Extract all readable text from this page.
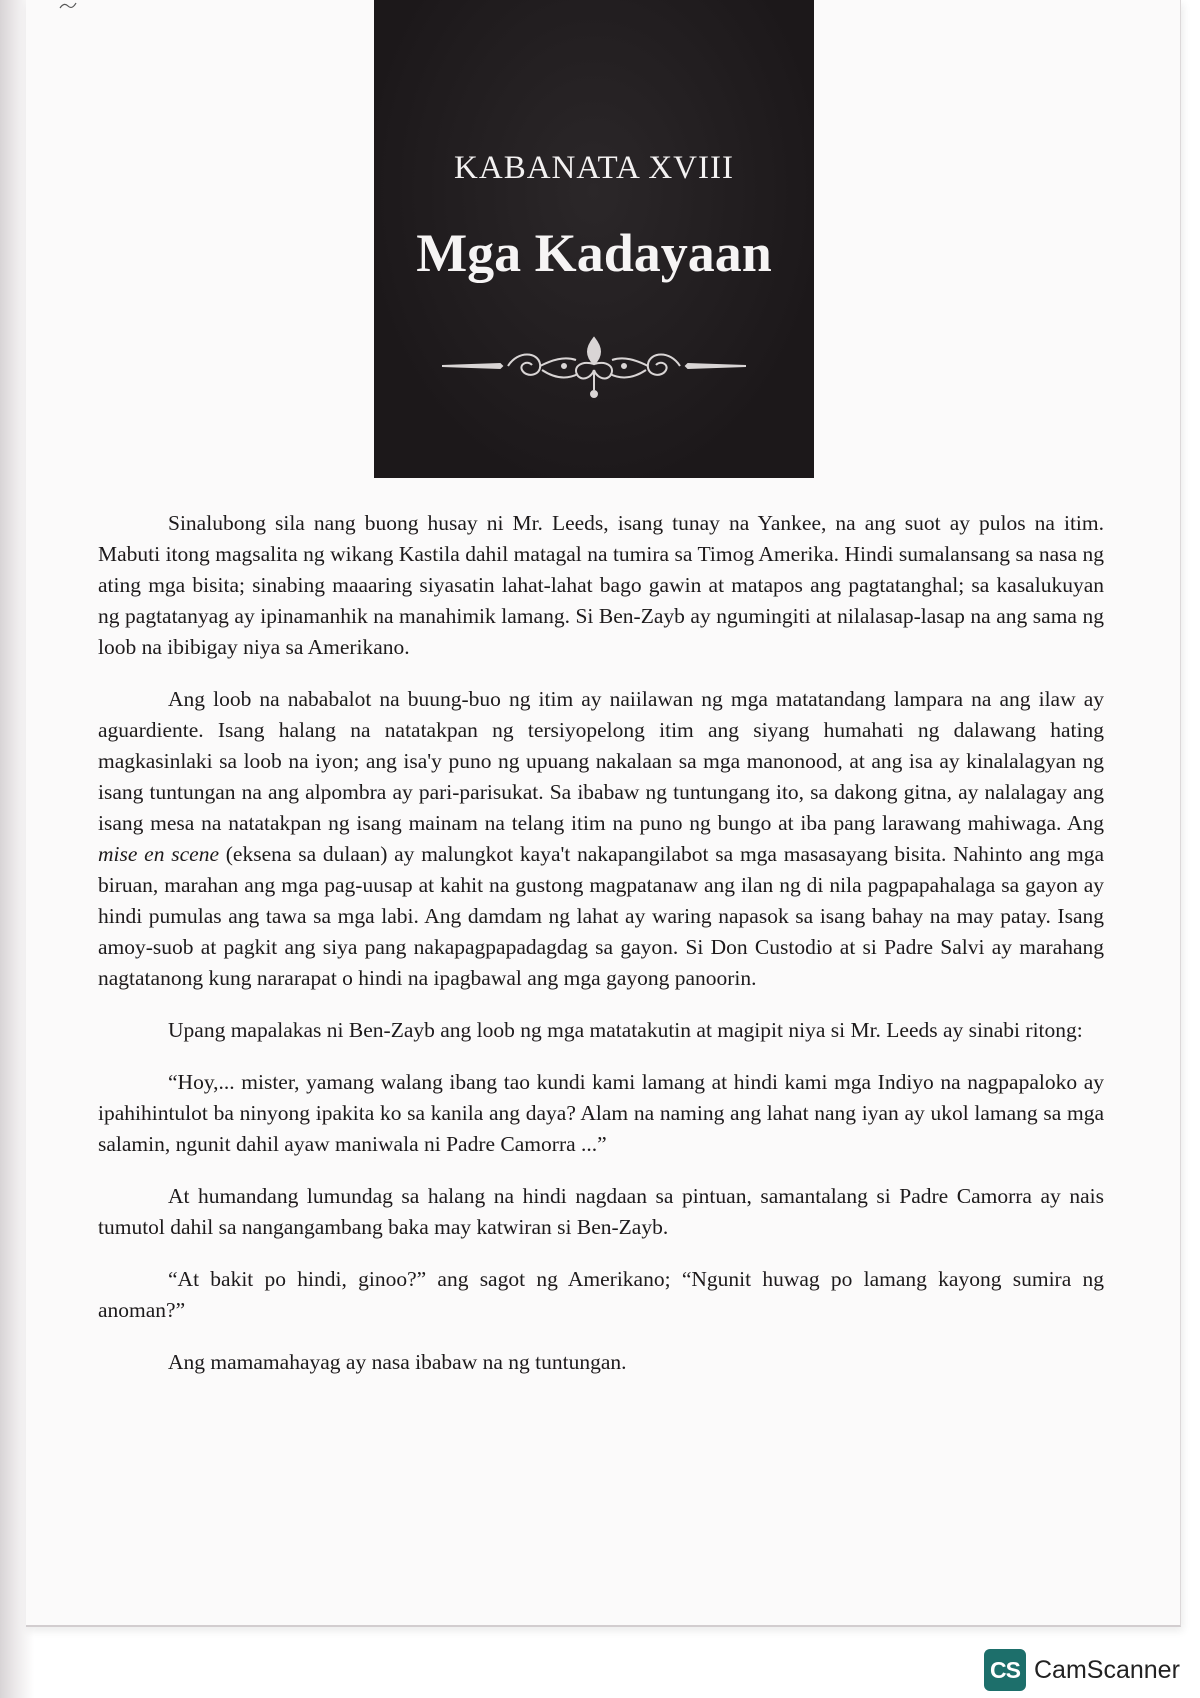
KABANATA XVIII
Mga Kadayaan

Sinalubong sila nang buong husay ni Mr. Leeds, isang tunay na Yankee, na ang suot ay pulos na itim. Mabuti itong magsalita ng wikang Kastila dahil matagal na tumira sa Timog Amerika. Hindi sumalansang sa nasa ng ating mga bisita; sinabing maaaring siyasatin lahat-lahat bago gawin at matapos ang pagtatanghal; sa kasalukuyan ng pagtatanyag ay ipinamanhik na manahimik lamang. Si Ben-Zayb ay ngumingiti at nilalasap-lasap na ang sama ng loob na ibibigay niya sa Amerikano.

Ang loob na nababalot na buung-buo ng itim ay naiilawan ng mga matatandang lampara na ang ilaw ay aguardiente. Isang halang na natatakpan ng tersiyopelong itim ang siyang humahati ng dalawang hating magkasinlaki sa loob na iyon; ang isa'y puno ng upuang nakalaan sa mga manonood, at ang isa ay kinalalagyan ng isang tuntungan na ang alpombra ay pari-parisukat. Sa ibabaw ng tuntungang ito, sa dakong gitna, ay nalalagay ang isang mesa na natatakpan ng isang mainam na telang itim na puno ng bungo at iba pang larawang mahiwaga. Ang mise en scene (eksena sa dulaan) ay malungkot kaya't nakapangilabot sa mga masasayang bisita. Nahinto ang mga biruan, marahan ang mga pag-uusap at kahit na gustong magpatanaw ang ilan ng di nila pagpapahalaga sa gayon ay hindi pumulas ang tawa sa mga labi. Ang damdam ng lahat ay waring napasok sa isang bahay na may patay. Isang amoy-suob at pagkit ang siya pang nakapagpapadagdag sa gayon. Si Don Custodio at si Padre Salvi ay marahang nagtatanong kung nararapat o hindi na ipagbawal ang mga gayong panoorin.

Upang mapalakas ni Ben-Zayb ang loob ng mga matatakutin at magipit niya si Mr. Leeds ay sinabi ritong:

“Hoy,... mister, yamang walang ibang tao kundi kami lamang at hindi kami mga Indiyo na nagpapaloko ay ipahihintulot ba ninyong ipakita ko sa kanila ang daya? Alam na naming ang lahat nang iyan ay ukol lamang sa mga salamin, ngunit dahil ayaw maniwala ni Padre Camorra ...”

At humandang lumundag sa halang na hindi nagdaan sa pintuan, samantalang si Padre Camorra ay nais tumutol dahil sa nangangambang baka may katwiran si Ben-Zayb.

“At bakit po hindi, ginoo?” ang sagot ng Amerikano; “Ngunit huwag po lamang kayong sumira ng anoman?”

Ang mamamahayag ay nasa ibabaw na ng tuntungan.

CS CamScanner
